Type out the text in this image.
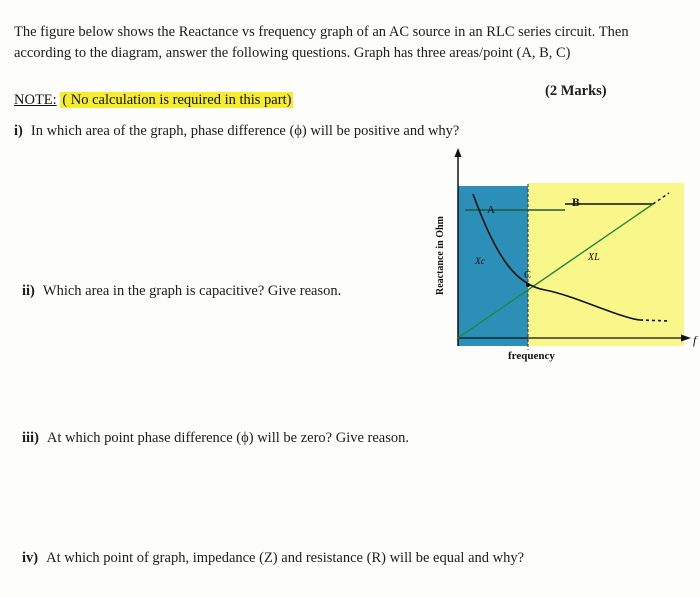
The figure below shows the Reactance vs frequency graph of an AC source in an RLC series circuit. Then according to the diagram, answer the following questions. Graph has three areas/point (A, B, C)
NOTE: ( No calculation is required in this part)
(2 Marks)
i) In which area of the graph, phase difference (ϕ) will be positive and why?
ii) Which area in the graph is capacitive? Give reason.
iii) At which point phase difference (ϕ) will be zero? Give reason.
iv) At which point of graph, impedance (Z) and resistance (R) will be equal and why?
A
B
C
Xc	XL
Reactance in Ohm
frequency
f
